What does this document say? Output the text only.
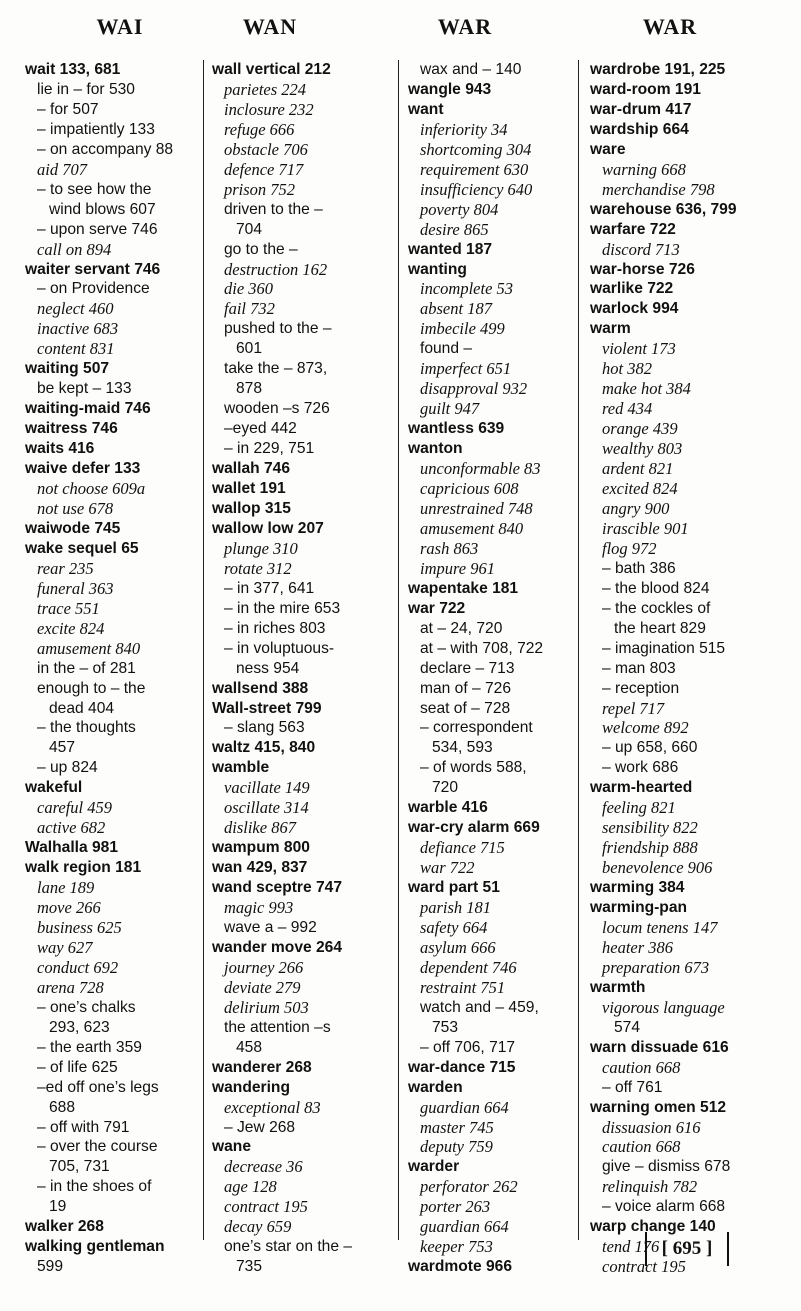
WAI	WAN	WAR	WAR
wait 133, 681
lie in – for 530
– for 507
– impatiently 133
– on accompany 88
aid 707
– to see how the
wind blows 607
– upon serve 746
call on 894
waiter servant 746
– on Providence
neglect 460
inactive 683
content 831
waiting 507
be kept – 133
waiting-maid 746
waitress 746
waits 416
waive defer 133
not choose 609a
not use 678
waiwode 745
wake sequel 65
rear 235
funeral 363
trace 551
excite 824
amusement 840
in the – of 281
enough to – the
dead 404
– the thoughts
457
– up 824
wakeful
careful 459
active 682
Walhalla 981
walk region 181
lane 189
move 266
business 625
way 627
conduct 692
arena 728
– one’s chalks
293, 623
– the earth 359
– of life 625
–ed off one’s legs
688
– off with 791
– over the course
705, 731
– in the shoes of
19
walker 268
walking gentleman
599
wall vertical 212
parietes 224
inclosure 232
refuge 666
obstacle 706
defence 717
prison 752
driven to the –
704
go to the –
destruction 162
die 360
fail 732
pushed to the –
601
take the – 873,
878
wooden –s 726
–eyed 442
– in 229, 751
wallah 746
wallet 191
wallop 315
wallow low 207
plunge 310
rotate 312
– in 377, 641
– in the mire 653
– in riches 803
– in voluptuous-
ness 954
wallsend 388
Wall-street 799
– slang 563
waltz 415, 840
wamble
vacillate 149
oscillate 314
dislike 867
wampum 800
wan 429, 837
wand sceptre 747
magic 993
wave a – 992
wander move 264
journey 266
deviate 279
delirium 503
the attention –s
458
wanderer 268
wandering
exceptional 83
– Jew 268
wane
decrease 36
age 128
contract 195
decay 659
one’s star on the –
735
wax and – 140
wangle 943
want
inferiority 34
shortcoming 304
requirement 630
insufficiency 640
poverty 804
desire 865
wanted 187
wanting
incomplete 53
absent 187
imbecile 499
found –
imperfect 651
disapproval 932
guilt 947
wantless 639
wanton
unconformable 83
capricious 608
unrestrained 748
amusement 840
rash 863
impure 961
wapentake 181
war 722
at – 24, 720
at – with 708, 722
declare – 713
man of – 726
seat of – 728
– correspondent
534, 593
– of words 588,
720
warble 416
war-cry alarm 669
defiance 715
war 722
ward part 51
parish 181
safety 664
asylum 666
dependent 746
restraint 751
watch and – 459,
753
– off 706, 717
war-dance 715
warden
guardian 664
master 745
deputy 759
warder
perforator 262
porter 263
guardian 664
keeper 753
wardmote 966
wardrobe 191, 225
ward-room 191
war-drum 417
wardship 664
ware
warning 668
merchandise 798
warehouse 636, 799
warfare 722
discord 713
war-horse 726
warlike 722
warlock 994
warm
violent 173
hot 382
make hot 384
red 434
orange 439
wealthy 803
ardent 821
excited 824
angry 900
irascible 901
flog 972
– bath 386
– the blood 824
– the cockles of
the heart 829
– imagination 515
– man 803
– reception
repel 717
welcome 892
– up 658, 660
– work 686
warm-hearted
feeling 821
sensibility 822
friendship 888
benevolence 906
warming 384
warming-pan
locum tenens 147
heater 386
preparation 673
warmth
vigorous language
574
warn dissuade 616
caution 668
– off 761
warning omen 512
dissuasion 616
caution 668
give – dismiss 678
relinquish 782
– voice alarm 668
warp change 140
tend 176
contract 195
[ 695 ]
